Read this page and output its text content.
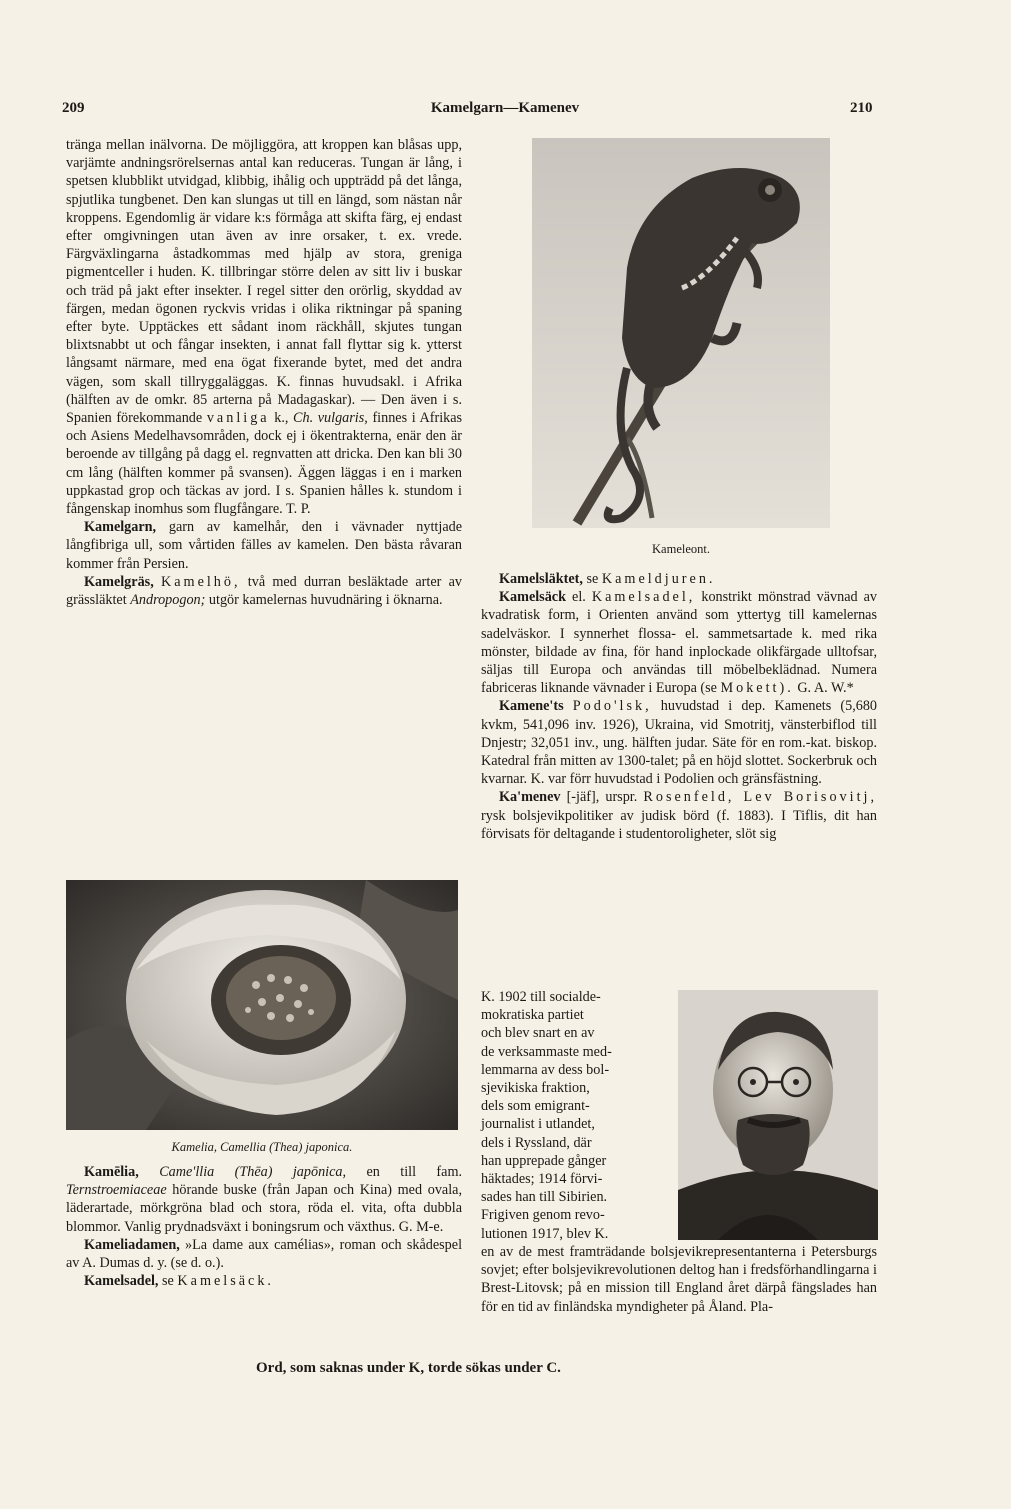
209	Kamelgarn—Kamenev	210

tränga mellan inälvorna. De möjliggöra, att kroppen kan blåsas upp, varjämte andningsrörelsernas antal kan reduceras. Tungan är lång, i spetsen klubblikt utvidgad, klibbig, ihålig och uppträdd på det långa, spjutlika tungbenet. Den kan slungas ut till en längd, som nästan når kroppens. Egendomlig är vidare k:s förmåga att skifta färg, ej endast efter omgivningen utan även av inre orsaker, t. ex. vrede. Färgväxlingarna åstadkommas med hjälp av stora, greniga pigmentceller i huden. K. tillbringar större delen av sitt liv i buskar och träd på jakt efter insekter. I regel sitter den orörlig, skyddad av färgen, medan ögonen ryckvis vridas i olika riktningar på spaning efter byte. Upptäckes ett sådant inom räckhåll, skjutes tungan blixtsnabbt ut och fångar insekten, i annat fall flyttar sig k. ytterst långsamt närmare, med ena ögat fixerande bytet, med det andra vägen, som skall tillryggaläggas. K. finnas huvudsakl. i Afrika (hälften av de omkr. 85 arterna på Madagaskar). — Den även i s. Spanien förekommande vanliga k., Ch. vulgaris, finnes i Afrikas och Asiens Medelhavsområden, dock ej i ökentrakterna, enär den är beroende av tillgång på dagg el. regnvatten att dricka. Den kan bli 30 cm lång (hälften kommer på svansen). Äggen läggas i en i marken uppkastad grop och täckas av jord. I s. Spanien hålles k. stundom i fångenskap inomhus som flugfångare. T. P.

Kamelgarn, garn av kamelhår, den i vävnader nyttjade långfibriga ull, som vårtiden fälles av kamelen. Den bästa råvaran kommer från Persien.

Kamelgräs, Kamelhö, två med durran besläktade arter av grässläktet Andropogon; utgör kamelernas huvudnäring i öknarna.

Kamelia, Camellia (Thea) japonica.

Kamēlia, Came'llia (Thēa) japōnica, en till fam. Ternstroemiaceae hörande buske (från Japan och Kina) med ovala, läderartade, mörkgröna blad och stora, röda el. vita, ofta dubbla blommor. Vanlig prydnadsväxt i boningsrum och växthus. G. M-e.

Kameliadamen, »La dame aux camélias», roman och skådespel av A. Dumas d. y. (se d. o.).

Kamelsadel, se Kamelsäck.

Kameleont.

Kamelsläktet, se Kameldjuren.

Kamelsäck el. Kamelsadel, konstrikt mönstrad vävnad av kvadratisk form, i Orienten använd som yttertyg till kamelernas sadelväskor. I synnerhet flossa- el. sammetsartade k. med rika mönster, bildade av fina, för hand inplockade olikfärgade ulltofsar, säljas till Europa och användas till möbelbeklädnad. Numera fabriceras liknande vävnader i Europa (se Mokett). G. A. W.*

Kamene'ts Podo'lsk, huvudstad i dep. Kamenets (5,680 kvkm, 541,096 inv. 1926), Ukraina, vid Smotritj, vänsterbiflod till Dnjestr; 32,051 inv., ung. hälften judar. Säte för en rom.-kat. biskop. Katedral från mitten av 1300-talet; på en höjd slottet. Sockerbruk och kvarnar. K. var förr huvudstad i Podolien och gränsfästning.

Ka'menev [-jäf], urspr. Rosenfeld, Lev Borisovitj, rysk bolsjevikpolitiker av judisk börd (f. 1883). I Tiflis, dit han förvisats för deltagande i studentoroligheter, slöt sig

K. 1902 till socialde-
mokratiska partiet
och blev snart en av
de verksammaste med-
lemmarna av dess bol-
sjevikiska fraktion,
dels som emigrant-
journalist i utlandet,
dels i Ryssland, där
han upprepade gånger
häktades; 1914 förvi-
sades han till Sibirien.
Frigiven genom revo-
lutionen 1917, blev K.

en av de mest framträdande bolsjevikrepresentanterna i Petersburgs sovjet; efter bolsjevikrevolutionen deltog han i fredsförhandlingarna i Brest-Litovsk; på en mission till England året därpå fängslades han för en tid av finländska myndigheter på Åland. Pla-

Ord, som saknas under K, torde sökas under C.
